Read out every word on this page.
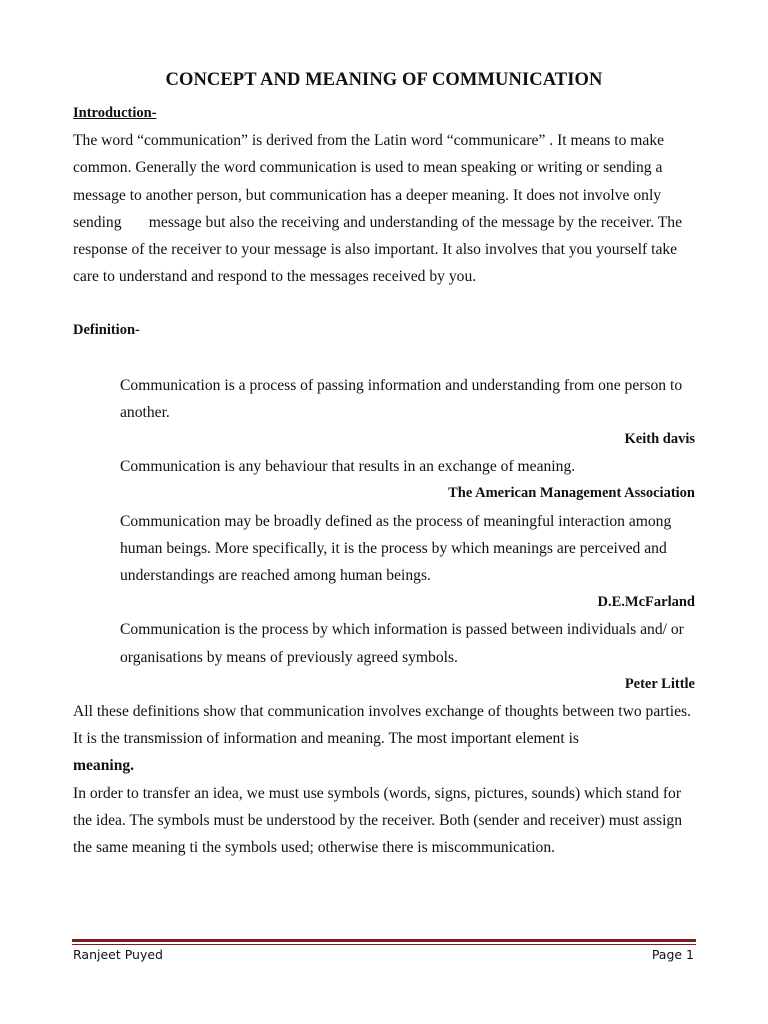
CONCEPT AND MEANING OF COMMUNICATION

Introduction-

The word “communication” is derived from the Latin word “communicare” . It means to make common. Generally the word communication is used to mean speaking or writing or sending a message to another person, but communication has a deeper meaning. It does not involve only sending       message but also the receiving and understanding of the message by the receiver. The response of the receiver to your message is also important. It also involves that you yourself take care to understand and respond to the messages received by you.

Definition-

Communication is a process of passing information and understanding from one person to another.

Keith davis

Communication is any behaviour that results in an exchange of meaning.

The American Management Association

Communication may be broadly defined as the process of meaningful interaction among human beings. More specifically, it is the process by which meanings are perceived and understandings are reached among human beings.

D.E.McFarland

Communication is the process by which information is passed between individuals and/ or organisations by means of previously agreed symbols.

Peter Little

All these definitions show that communication involves exchange of thoughts between two parties. It is the transmission of information and meaning. The most important element is
meaning.

In order to transfer an idea, we must use symbols (words, signs, pictures, sounds) which stand for the idea. The symbols must be understood by the receiver. Both (sender and receiver) must assign the same meaning ti the symbols used; otherwise there is miscommunication.

Ranjeet Puyed	Page 1
